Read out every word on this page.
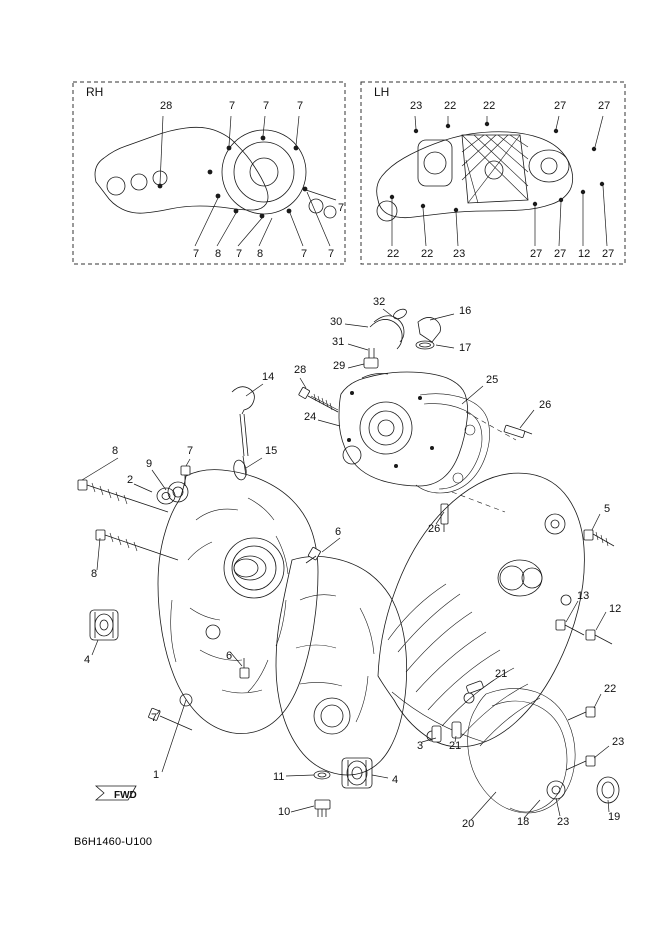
RH	LH
28	7	7	7
7
7 8 7 8	7 7
23 22 22	27	27
22 22 23	27 27 12 27
32
16
30
31	17
29
14
28
25
26
24
15
8	7
9
2
5
26
6
8
13
12
4	6
21
22
7
1
3 21	23
11	4
10
20	18	23	19
FWD
B6H1460-U100
